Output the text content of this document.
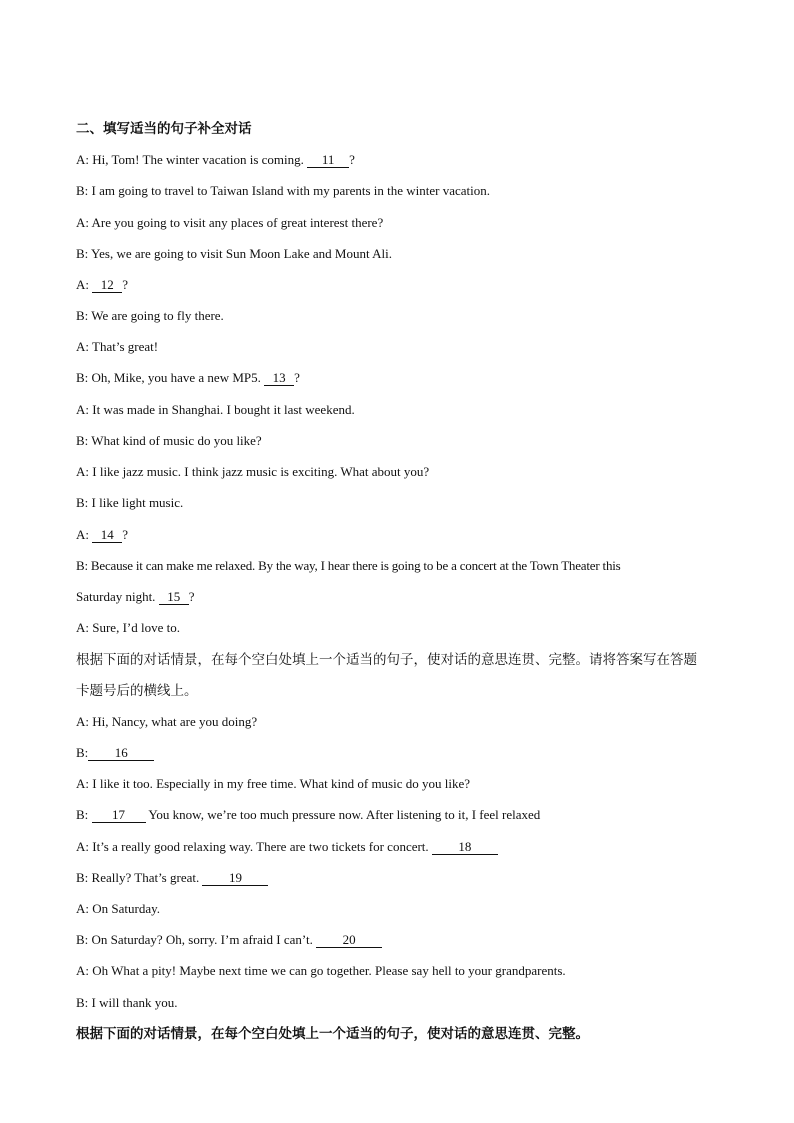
二、填写适当的句子补全对话
A: Hi, Tom! The winter vacation is coming. 11 ?
B: I am going to travel to Taiwan Island with my parents in the winter vacation.
A: Are you going to visit any places of great interest there?
B: Yes, we are going to visit Sun Moon Lake and Mount Ali.
A: 12 ?
B: We are going to fly there.
A: That’s great!
B: Oh, Mike, you have a new MP5. 13 ?
A: It was made in Shanghai. I bought it last weekend.
B: What kind of music do you like?
A: I like jazz music. I think jazz music is exciting. What about you?
B: I like light music.
A: 14 ?
B: Because it can make me relaxed. By the way, I hear there is going to be a concert at the Town Theater this
Saturday night. 15 ?
A: Sure, I’d love to.
根据下面的对话情景，在每个空白处填上一个适当的句子，使对话的意思连贯、完整。请将答案写在答题
卡题号后的横线上。
A: Hi, Nancy, what are you doing?
B: 16
A: I like it too. Especially in my free time. What kind of music do you like?
B: 17 You know, we’re too much pressure now. After listening to it, I feel relaxed
A: It’s a really good relaxing way. There are two tickets for concert. 18
B: Really? That’s great. 19
A: On Saturday.
B: On Saturday? Oh, sorry. I’m afraid I can’t. 20
A: Oh What a pity! Maybe next time we can go together. Please say hell to your grandparents.
B: I will thank you.
根据下面的对话情景，在每个空白处填上一个适当的句子，使对话的意思连贯、完整。
